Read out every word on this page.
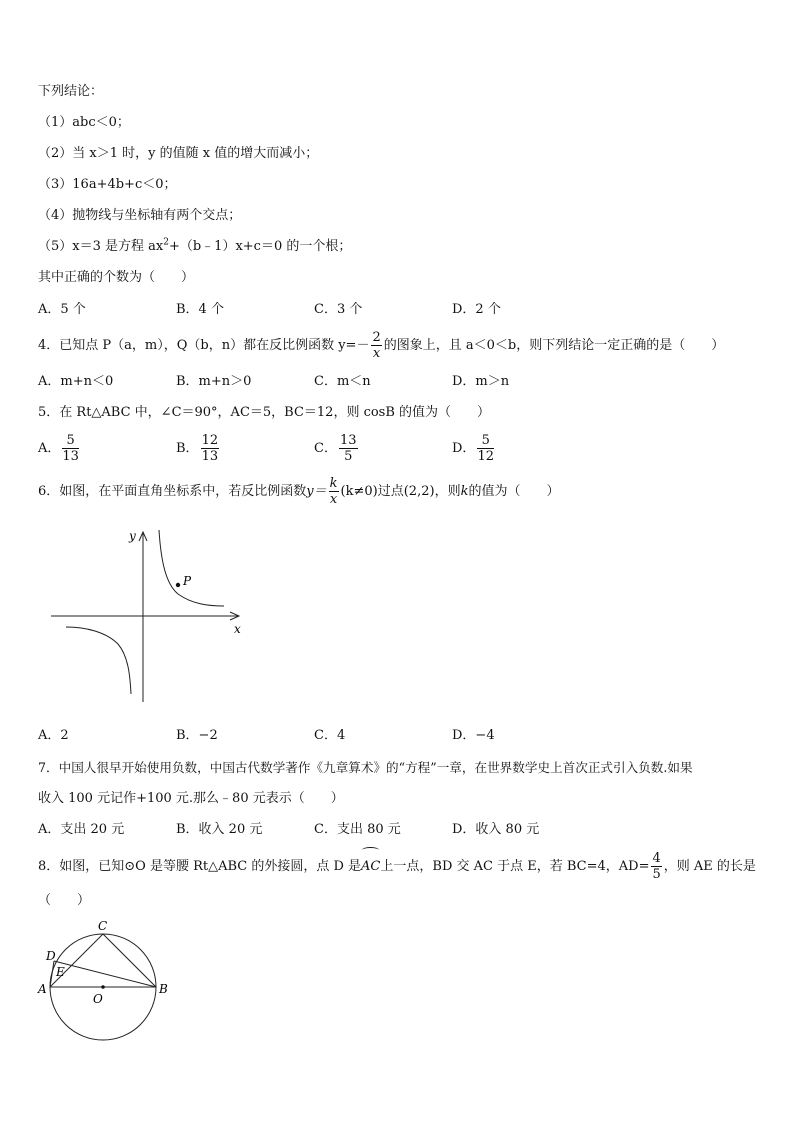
下列结论：
（1）abc＜0；
（2）当 x＞1 时，y 的值随 x 值的增大而减小；
（3）16a+4b+c＜0；
（4）抛物线与坐标轴有两个交点；
（5）x＝3 是方程 $ax^2+(b﹣1)x+c=0$ 的一个根；
其中正确的个数为（　　）
A．5 个	B．4 个	C．3 个	D．2 个
4．已知点 P（a，m），Q（b，n）都在反比例函数 $y=- \frac{2}{x}$ 的图象上，且 a＜0＜b，则下列结论一定正确的是（　　）
A．m+n＜0	B．m+n＞0	C．m＜n	D．m＞n
5．在 Rt△ABC 中，∠C＝90°，AC＝5，BC＝12，则 cosB 的值为（　　）
A． $\frac{5}{13}$	B． $\frac{12}{13}$	C． $\frac{13}{5}$	D． $\frac{5}{12}$
6．如图，在平面直角坐标系中，若反比例函数$y= \frac{k}{x} (k\ne 0)$过点(2,2)，则k的值为（　　）
x
y
P
A．2	B．−2	C．4	D．−4
7．中国人很早开始使用负数，中国古代数学著作《九章算术》的“方程”一章，在世界数学史上首次正式引入负数.如果
收入 100 元记作+100 元.那么﹣80 元表示（　　）
A．支出 20 元	B．收入 20 元	C．支出 80 元	D．收入 80 元
8．如图，已知⊙O 是等腰 Rt△ABC 的外接圆，点 D 是AC上一点，BD 交 AC 于点 E，若 BC=4，$AD= \frac{4}{5}$ ，则 AE 的长是
（　　）
C
D
E
A	B
O
